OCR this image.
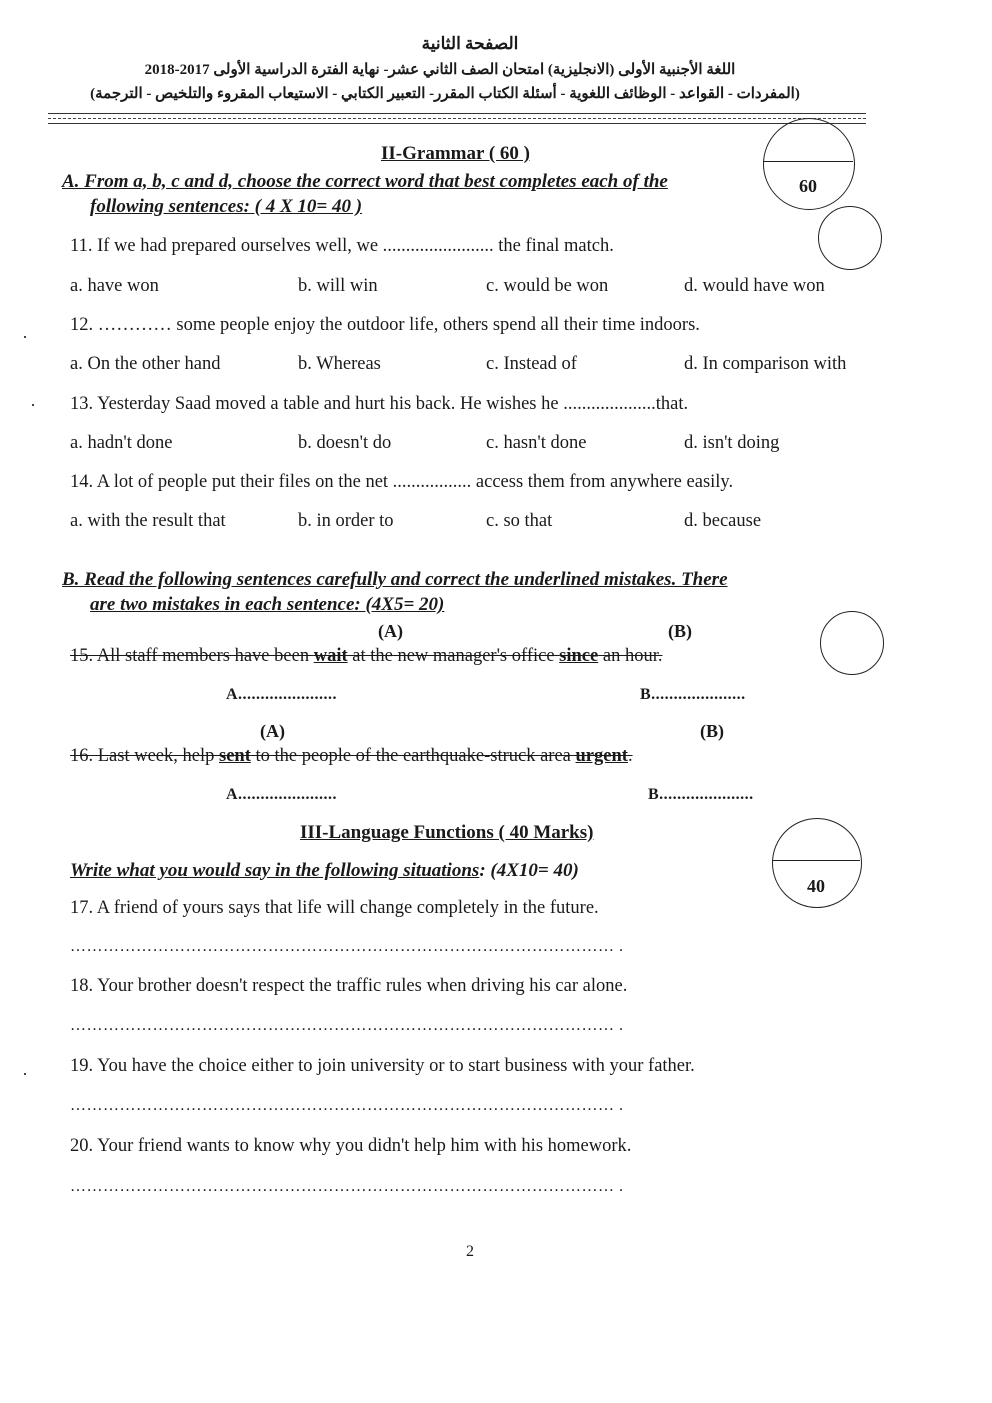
الصفحة الثانية
اللغة الأجنبية الأولى (الانجليزية) امتحان الصف الثاني عشر- نهاية الفترة الدراسية الأولى 2017-2018
(المفردات - القواعد - الوظائف اللغوية - أسئلة الكتاب المقرر- التعبير الكتابي - الاستيعاب المقروء والتلخيص - الترجمة)
II-Grammar ( 60 )
60
A. From a, b, c and d, choose the correct word that best completes each of the
following sentences: ( 4 X 10= 40 )
11. If we had prepared ourselves well, we ........................ the final match.
a. have won	b. will win	c. would be won	d. would have won
12. ………… some people enjoy the outdoor life, others spend all their time indoors.
a. On the other hand	b. Whereas	c. Instead of	d. In comparison with
13. Yesterday Saad moved a table and hurt his back. He wishes he ....................that.
a. hadn't done	b. doesn't do	c. hasn't done	d. isn't doing
14. A lot of people put their files on the net ................. access them from anywhere easily.
a. with the result that	b. in order to	c. so that	d. because
B. Read the following sentences carefully and correct the underlined mistakes. There
are two mistakes in each sentence: (4X5= 20)
(A)	(B)
15. All staff members have been wait at the new manager's office since an hour.
A......................	B.....................
(A)	(B)
16. Last week, help sent to the people of the earthquake-struck area urgent.
A......................	B.....................
III-Language Functions ( 40 Marks)
40
Write what you would say in the following situations: (4X10= 40)
17. A friend of yours says that life will change completely in the future.
……………………………………………………………………………………… .
18. Your brother doesn't respect the traffic rules when driving his car alone.
……………………………………………………………………………………… .
19. You have the choice either to join university or to start business with your father.
……………………………………………………………………………………… .
20. Your friend wants to know why you didn't help him with his homework.
……………………………………………………………………………………… .
2
